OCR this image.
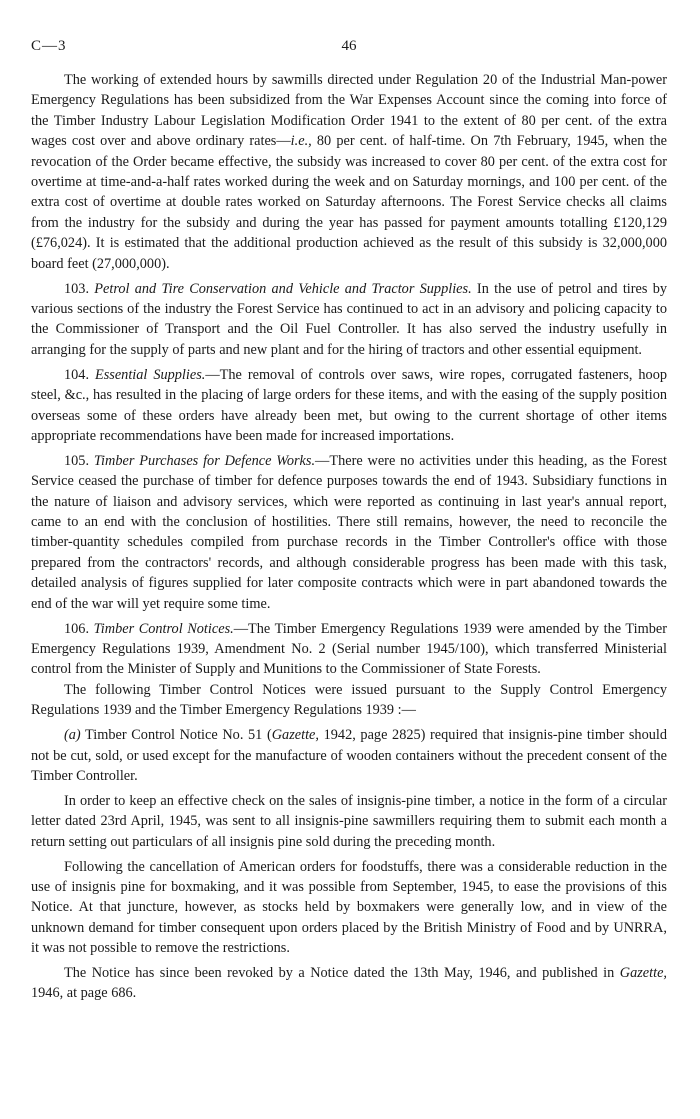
C—3	46

The working of extended hours by sawmills directed under Regulation 20 of the Industrial Man-power Emergency Regulations has been subsidized from the War Expenses Account since the coming into force of the Timber Industry Labour Legislation Modification Order 1941 to the extent of 80 per cent. of the extra wages cost over and above ordinary rates—i.e., 80 per cent. of half-time. On 7th February, 1945, when the revocation of the Order became effective, the subsidy was increased to cover 80 per cent. of the extra cost for overtime at time-and-a-half rates worked during the week and on Saturday mornings, and 100 per cent. of the extra cost of overtime at double rates worked on Saturday afternoons. The Forest Service checks all claims from the industry for the subsidy and during the year has passed for payment amounts totalling £120,129 (£76,024). It is estimated that the additional production achieved as the result of this subsidy is 32,000,000 board feet (27,000,000).

103. Petrol and Tire Conservation and Vehicle and Tractor Supplies. In the use of petrol and tires by various sections of the industry the Forest Service has continued to act in an advisory and policing capacity to the Commissioner of Transport and the Oil Fuel Controller. It has also served the industry usefully in arranging for the supply of parts and new plant and for the hiring of tractors and other essential equipment.

104. Essential Supplies.—The removal of controls over saws, wire ropes, corrugated fasteners, hoop steel, &c., has resulted in the placing of large orders for these items, and with the easing of the supply position overseas some of these orders have already been met, but owing to the current shortage of other items appropriate recommendations have been made for increased importations.

105. Timber Purchases for Defence Works.—There were no activities under this heading, as the Forest Service ceased the purchase of timber for defence purposes towards the end of 1943. Subsidiary functions in the nature of liaison and advisory services, which were reported as continuing in last year's annual report, came to an end with the conclusion of hostilities. There still remains, however, the need to reconcile the timber-quantity schedules compiled from purchase records in the Timber Controller's office with those prepared from the contractors' records, and although considerable progress has been made with this task, detailed analysis of figures supplied for later composite contracts which were in part abandoned towards the end of the war will yet require some time.

106. Timber Control Notices.—The Timber Emergency Regulations 1939 were amended by the Timber Emergency Regulations 1939, Amendment No. 2 (Serial number 1945/100), which transferred Ministerial control from the Minister of Supply and Munitions to the Commissioner of State Forests.

The following Timber Control Notices were issued pursuant to the Supply Control Emergency Regulations 1939 and the Timber Emergency Regulations 1939 :—

(a) Timber Control Notice No. 51 (Gazette, 1942, page 2825) required that insignis-pine timber should not be cut, sold, or used except for the manufacture of wooden containers without the precedent consent of the Timber Controller.

In order to keep an effective check on the sales of insignis-pine timber, a notice in the form of a circular letter dated 23rd April, 1945, was sent to all insignis-pine sawmillers requiring them to submit each month a return setting out particulars of all insignis pine sold during the preceding month.

Following the cancellation of American orders for foodstuffs, there was a considerable reduction in the use of insignis pine for boxmaking, and it was possible from September, 1945, to ease the provisions of this Notice. At that juncture, however, as stocks held by boxmakers were generally low, and in view of the unknown demand for timber consequent upon orders placed by the British Ministry of Food and by UNRRA, it was not possible to remove the restrictions.

The Notice has since been revoked by a Notice dated the 13th May, 1946, and published in Gazette, 1946, at page 686.
